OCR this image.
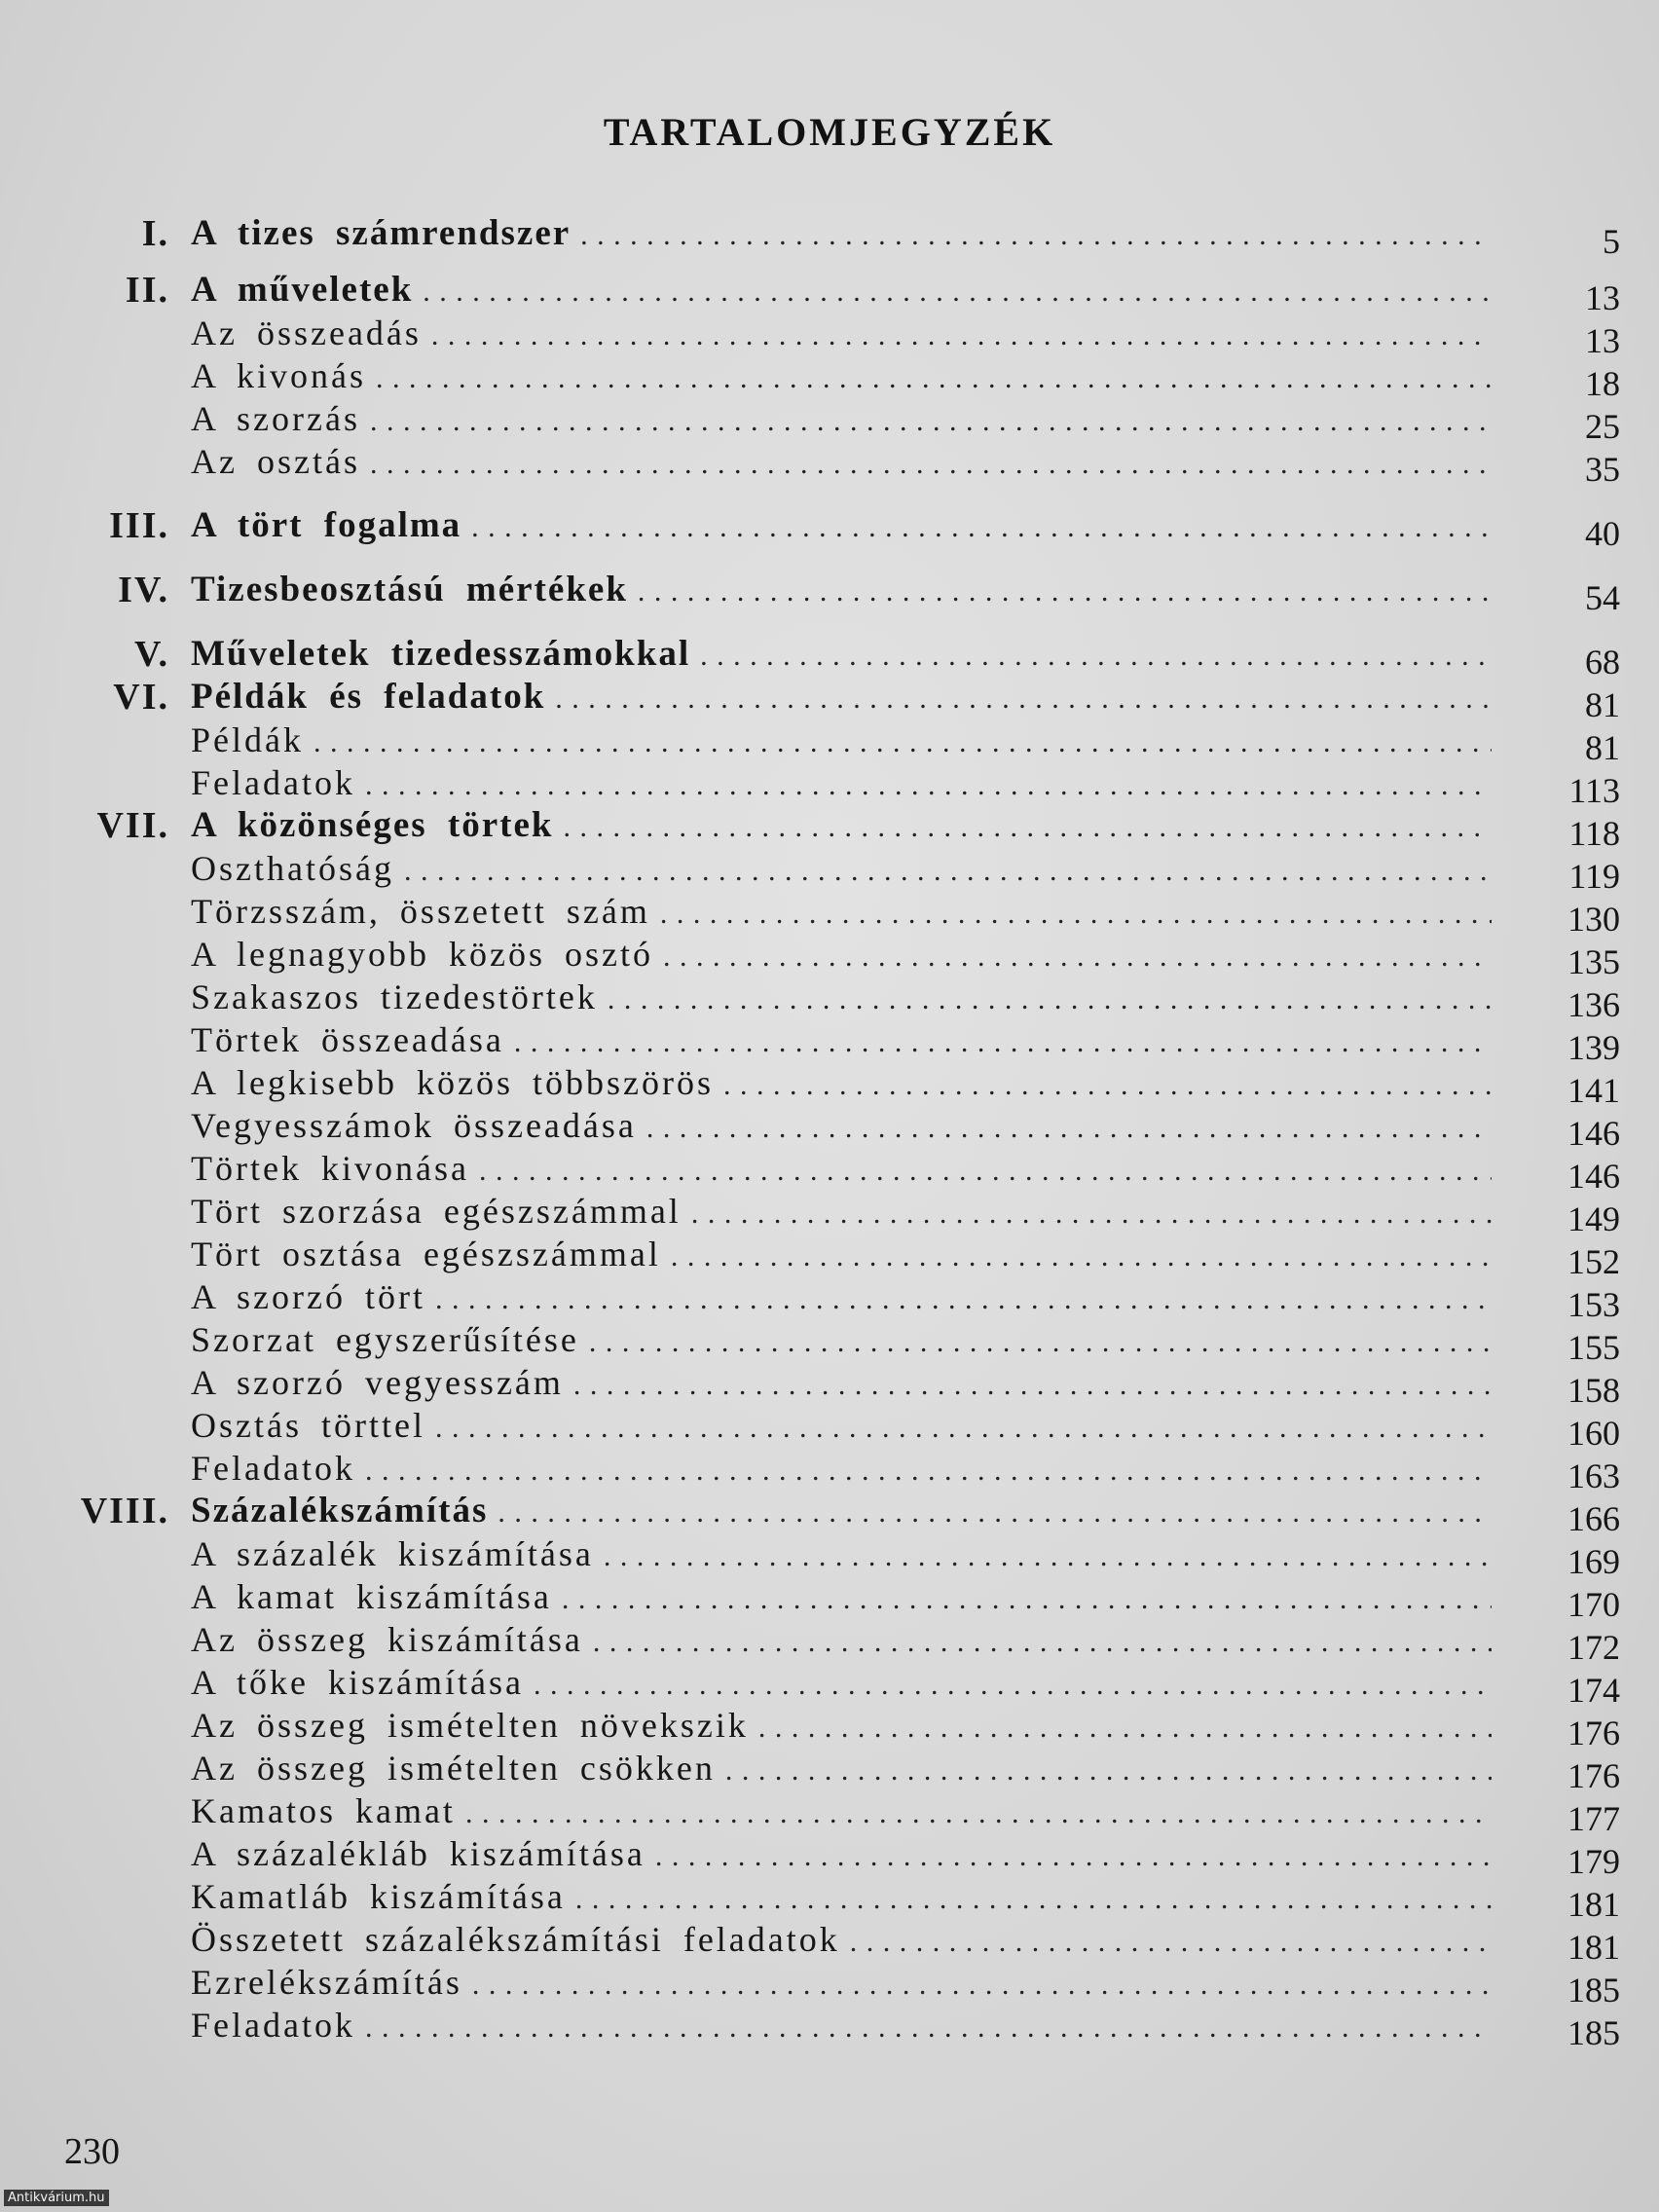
TARTALOMJEGYZÉK
I. A tizes számrendszer . . .	5
II. A műveletek . . .	13
Az összeadás . . .	13
A kivonás . . .	18
A szorzás . . .	25
Az osztás . . .	35
III. A tört fogalma . . .	40
IV. Tizesbeosztású mértékek . . .	54
V. Műveletek tizedesszámokkal . . .	68
VI. Példák és feladatok . . .	81
Példák . . .	81
Feladatok . . .	113
VII. A közönséges törtek . . .	118
Oszthatóság . . .	119
Törzsszám, összetett szám . . .	130
A legnagyobb közös osztó . . .	135
Szakaszos tizedestörtek . . .	136
Törtek összeadása . . .	139
A legkisebb közös többszörös . . .	141
Vegyesszámok összeadása . . .	146
Törtek kivonása . . .	146
Tört szorzása egészszámmal . . .	149
Tört osztása egészszámmal . . .	152
A szorzó tört . . .	153
Szorzat egyszerűsítése . . .	155
A szorzó vegyesszám . . .	158
Osztás törttel . . .	160
Feladatok . . .	163
VIII. Százalékszámítás . . .	166
A százalék kiszámítása . . .	169
A kamat kiszámítása . . .	170
Az összeg kiszámítása . . .	172
A tőke kiszámítása . . .	174
Az összeg ismételten növekszik . . .	176
Az összeg ismételten csökken . . .	176
Kamatos kamat . . .	177
A százalékláb kiszámítása . . .	179
Kamatláb kiszámítása . . .	181
Összetett százalékszámítási feladatok . . .	181
Ezrelékszámítás . . .	185
Feladatok . . .	185
230
Antikvárium.hu
